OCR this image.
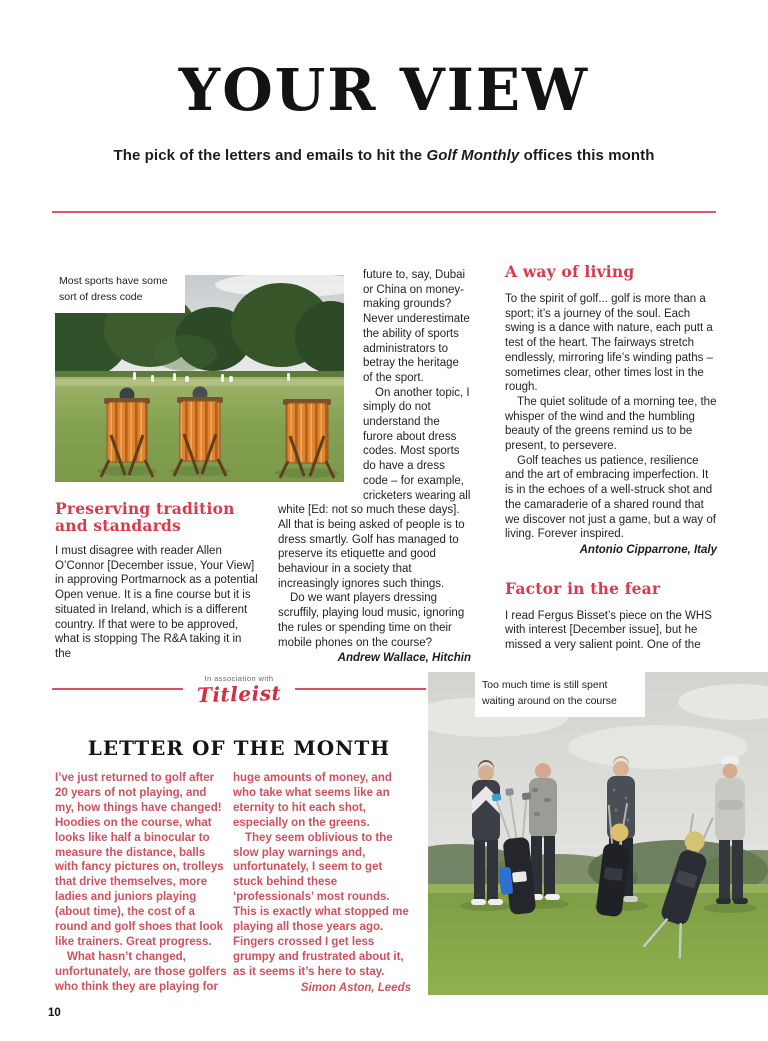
YOUR VIEW
The pick of the letters and emails to hit the Golf Monthly offices this month
Most sports have some sort of dress code
Preserving tradition and standards

I must disagree with reader Allen O’Connor [December issue, Your View] in approving Portmarnock as a potential Open venue. It is a fine course but it is situated in Ireland, which is a different country. If that were to be approved, what is stopping The R&A taking it in the

future to, say, Dubai or China on money-making grounds? Never underestimate the ability of sports administrators to betray the heritage of the sport.

On another topic, I simply do not understand the furore about dress codes. Most sports do have a dress code – for example, cricketers wearing all white [Ed: not so much these days]. All that is being asked of people is to dress smartly. Golf has managed to preserve its etiquette and good behaviour in a society that increasingly ignores such things.

Do we want players dressing scruffily, playing loud music, ignoring the rules or spending time on their mobile phones on the course?

Andrew Wallace, Hitchin
A way of living

To the spirit of golf... golf is more than a sport; it’s a journey of the soul. Each swing is a dance with nature, each putt a test of the heart. The fairways stretch endlessly, mirroring life’s winding paths – sometimes clear, other times lost in the rough.

The quiet solitude of a morning tee, the whisper of the wind and the humbling beauty of the greens remind us to be present, to persevere.

Golf teaches us patience, resilience and the art of embracing imperfection. It is in the echoes of a well-struck shot and the camaraderie of a shared round that we discover not just a game, but a way of living. Forever inspired.

Antonio Cipparrone, Italy
Factor in the fear

I read Fergus Bisset’s piece on the WHS with interest [December issue], but he missed a very salient point. One of the

In association with
Titleist
LETTER OF THE MONTH

I’ve just returned to golf after 20 years of not playing, and my, how things have changed! Hoodies on the course, what looks like half a binocular to measure the distance, balls with fancy pictures on, trolleys that drive themselves, more ladies and juniors playing (about time), the cost of a round and golf shoes that look like trainers. Great progress.

What hasn’t changed, unfortunately, are those golfers who think they are playing for

huge amounts of money, and who take what seems like an eternity to hit each shot, especially on the greens.

They seem oblivious to the slow play warnings and, unfortunately, I seem to get stuck behind these ‘professionals’ most rounds. This is exactly what stopped me playing all those years ago. Fingers crossed I get less grumpy and frustrated about it, as it seems it’s here to stay.

Simon Aston, Leeds
Too much time is still spent waiting around on the course
10
